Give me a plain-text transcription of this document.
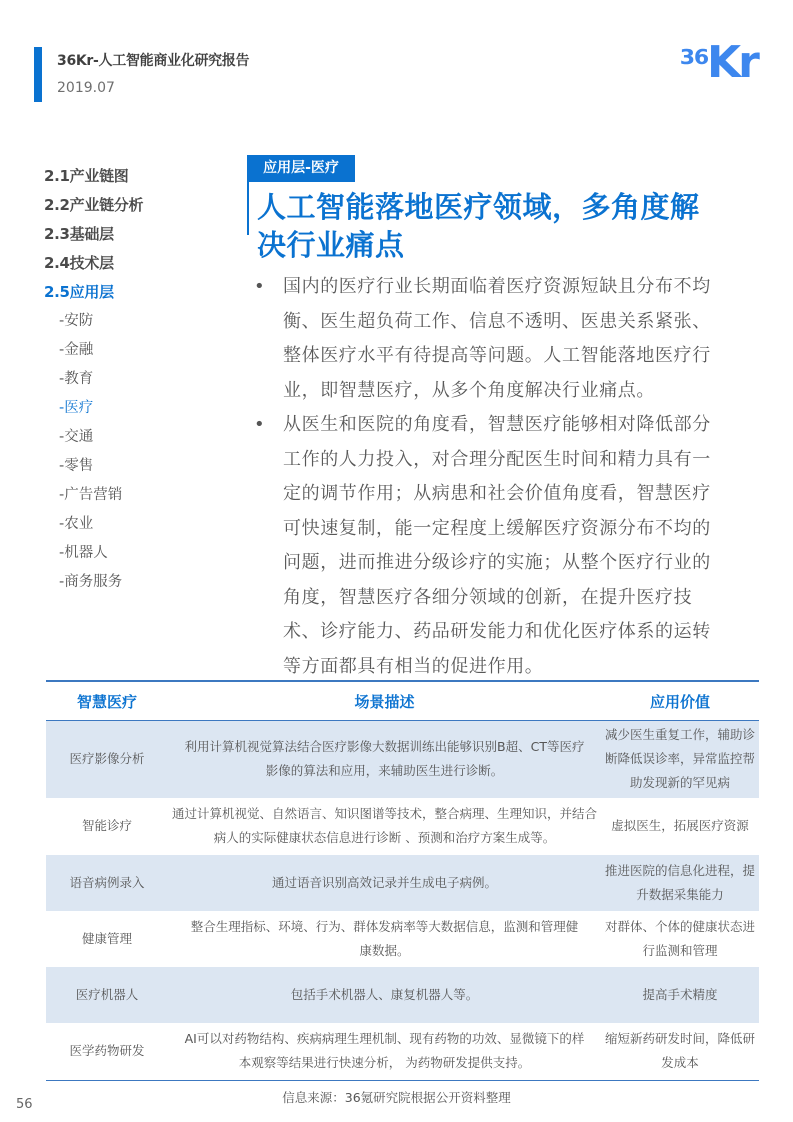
36Kr-人工智能商业化研究报告
2019.07
36
Kr
2.1产业链图
2.2产业链分析
2.3基础层
2.4技术层
2.5应用层
-安防
-金融
-教育
-医疗
-交通
-零售
-广告营销
-农业
-机器人
-商务服务
应用层-医疗
人工智能落地医疗领域，多角度解决行业痛点
•	国内的医疗行业长期面临着医疗资源短缺且分布不均衡、医生超负荷工作、信息不透明、医患关系紧张、整体医疗水平有待提高等问题。人工智能落地医疗行业，即智慧医疗，从多个角度解决行业痛点。
•	从医生和医院的角度看，智慧医疗能够相对降低部分工作的人力投入，对合理分配医生时间和精力具有一定的调节作用；从病患和社会价值角度看，智慧医疗可快速复制，能一定程度上缓解医疗资源分布不均的问题，进而推进分级诊疗的实施；从整个医疗行业的角度，智慧医疗各细分领域的创新，在提升医疗技术、诊疗能力、药品研发能力和优化医疗体系的运转等方面都具有相当的促进作用。
智慧医疗	场景描述	应用价值
医疗影像分析	利用计算机视觉算法结合医疗影像大数据训练出能够识别B超、CT等医疗影像的算法和应用，来辅助医生进行诊断。	减少医生重复工作，辅助诊断降低误诊率，异常监控帮助发现新的罕见病
智能诊疗	通过计算机视觉、自然语言、知识图谱等技术，整合病理、生理知识，并结合病人的实际健康状态信息进行诊断 、预测和治疗方案生成等。	虚拟医生，拓展医疗资源
语音病例录入	通过语音识别高效记录并生成电子病例。	推进医院的信息化进程，提升数据采集能力
健康管理	整合生理指标、环境、行为、群体发病率等大数据信息，监测和管理健康数据。	对群体、个体的健康状态进行监测和管理
医疗机器人	包括手术机器人、康复机器人等。	提高手术精度
医学药物研发	AI可以对药物结构、疾病病理生理机制、现有药物的功效、显微镜下的样本观察等结果进行快速分析， 为药物研发提供支持。	缩短新药研发时间，降低研发成本
信息来源：36氪研究院根据公开资料整理
56
